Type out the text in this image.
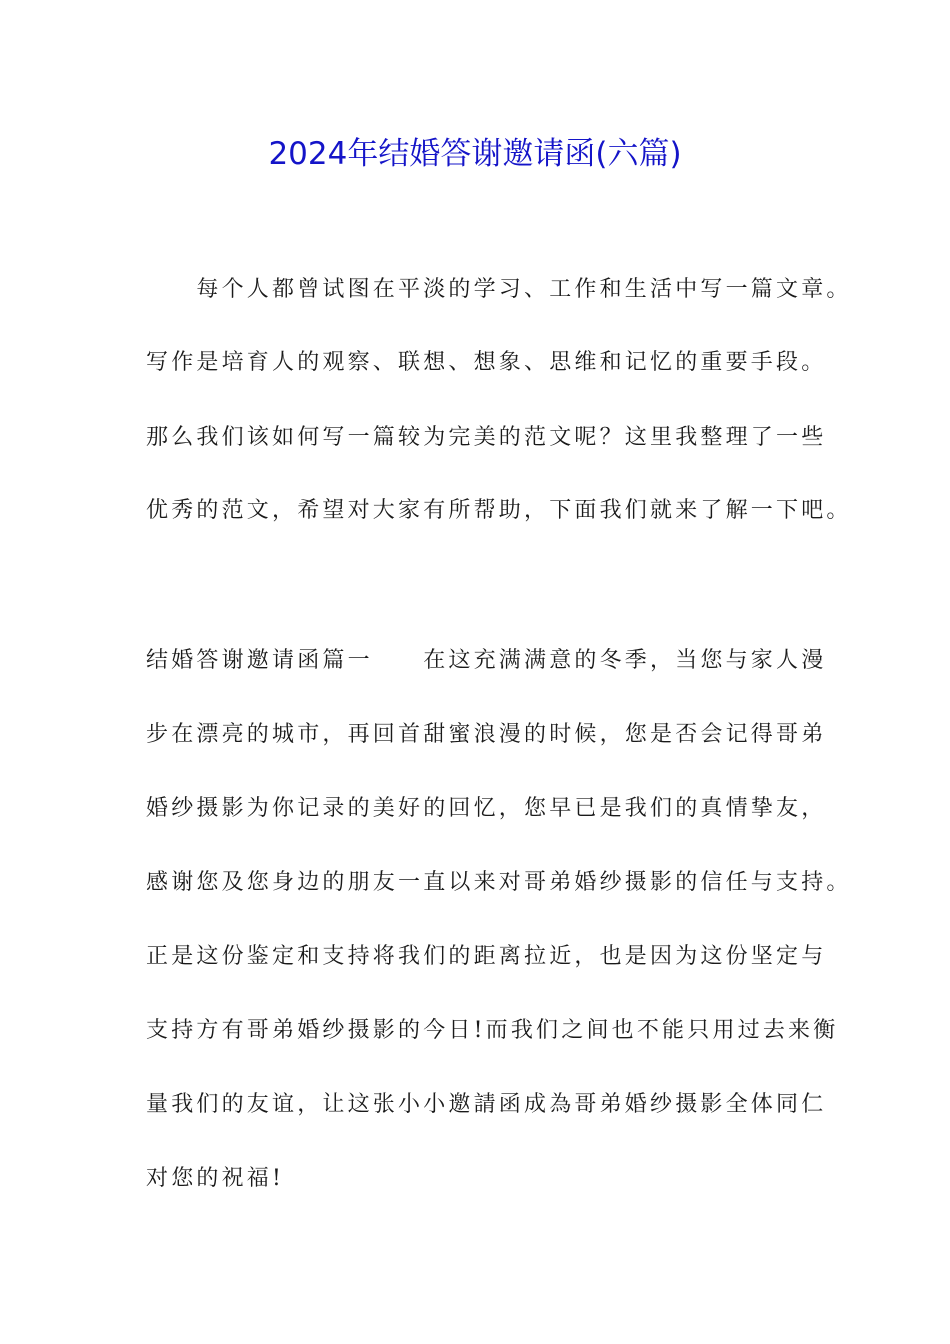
2024年结婚答谢邀请函(六篇)

　　每个人都曾试图在平淡的学习、工作和生活中写一篇文章。

写作是培育人的观察、联想、想象、思维和记忆的重要手段。

那么我们该如何写一篇较为完美的范文呢？这里我整理了一些

优秀的范文，希望对大家有所帮助，下面我们就来了解一下吧。

结婚答谢邀请函篇一　　在这充满满意的冬季，当您与家人漫

步在漂亮的城市，再回首甜蜜浪漫的时候，您是否会记得哥弟

婚纱摄影为你记录的美好的回忆，您早已是我们的真情挚友，

感谢您及您身边的朋友一直以来对哥弟婚纱摄影的信任与支持。

正是这份鉴定和支持将我们的距离拉近，也是因为这份坚定与

支持方有哥弟婚纱摄影的今日!而我们之间也不能只用过去来衡

量我们的友谊，让这张小小邀請函成為哥弟婚纱摄影全体同仁

对您的祝福!
